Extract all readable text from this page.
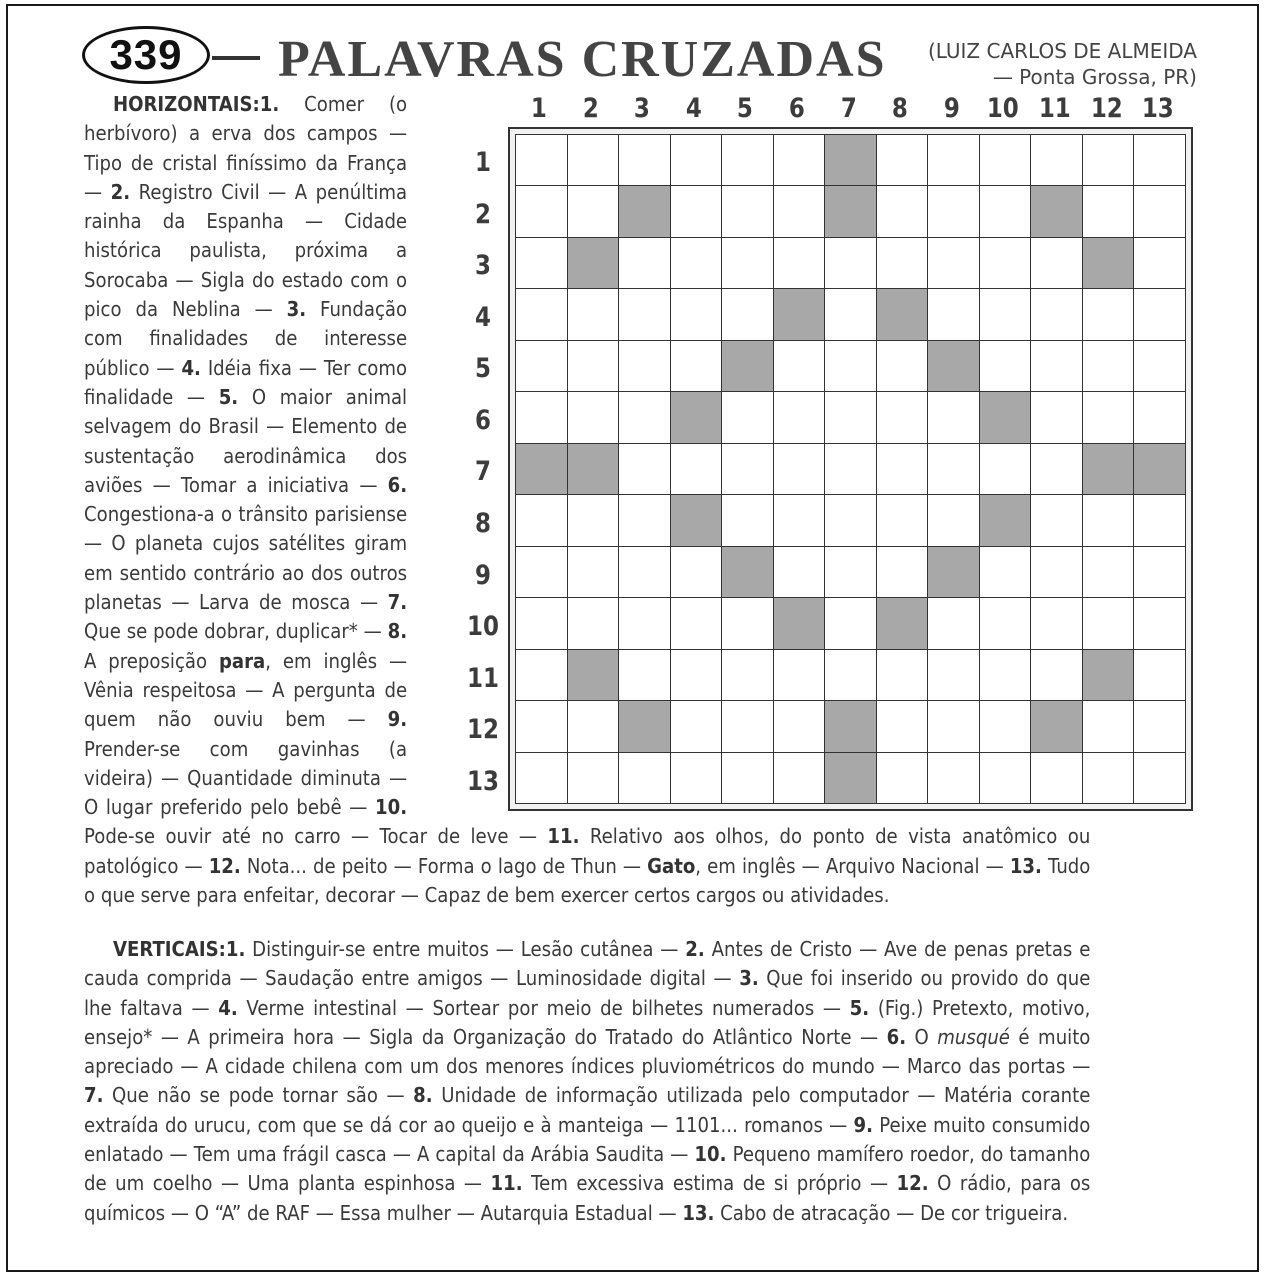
339	PALAVRAS CRUZADAS (LUIZ CARLOS DE ALMEIDA
— Ponta Grossa, PR)
1	2	3	4	5	6	7	8	9	10 11 12 13
1
2
3
4
5
6
7
8
9
10
11
12
13
HORIZONTAIS:1. Comer (o herbívoro) a erva dos campos — Tipo de cristal finíssimo da França — 2. Registro Civil — A penúltima rainha da Espanha — Cidade histórica paulista, próxima a Sorocaba — Sigla do estado com o pico da Neblina — 3. Fundação com finalidades de interesse público — 4. Idéia fixa — Ter como finalidade — 5. O maior animal selvagem do Brasil — Elemento de sustentação aerodinâmica dos aviões — Tomar a iniciativa — 6. Congestiona-a o trânsito parisiense — O planeta cujos satélites giram em sentido contrário ao dos outros planetas — Larva de mosca — 7. Que se pode dobrar, duplicar* — 8. A preposição para, em inglês — Vênia respeitosa — A pergunta de quem não ouviu bem — 9. Prender-se com gavinhas (a videira) — Quantidade diminuta — O lugar preferido pelo bebê — 10. Pode-se ouvir até no carro — Tocar de leve — 11. Relativo aos olhos, do ponto de vista anatômico ou patológico — 12. Nota... de peito — Forma o lago de Thun — Gato, em inglês — Arquivo Nacional — 13. Tudo o que serve para enfeitar, decorar — Capaz de bem exercer certos cargos ou atividades.
VERTICAIS:1. Distinguir-se entre muitos — Lesão cutânea — 2. Antes de Cristo — Ave de penas pretas e cauda comprida — Saudação entre amigos — Luminosidade digital — 3. Que foi inserido ou provido do que lhe faltava — 4. Verme intestinal — Sortear por meio de bilhetes numerados — 5. (Fig.) Pretexto, motivo, ensejo* — A primeira hora — Sigla da Organização do Tratado do Atlântico Norte — 6. O musqué é muito apreciado — A cidade chilena com um dos menores índices pluviométricos do mundo — Marco das portas — 7. Que não se pode tornar são — 8. Unidade de informação utilizada pelo computador — Matéria corante extraída do urucu, com que se dá cor ao queijo e à manteiga — 1101... romanos — 9. Peixe muito consumido enlatado — Tem uma frágil casca — A capital da Arábia Saudita — 10. Pequeno mamífero roedor, do tamanho de um coelho — Uma planta espinhosa — 11. Tem excessiva estima de si próprio — 12. O rádio, para os químicos — O “A” de RAF — Essa mulher — Autarquia Estadual — 13. Cabo de atracação — De cor trigueira.
